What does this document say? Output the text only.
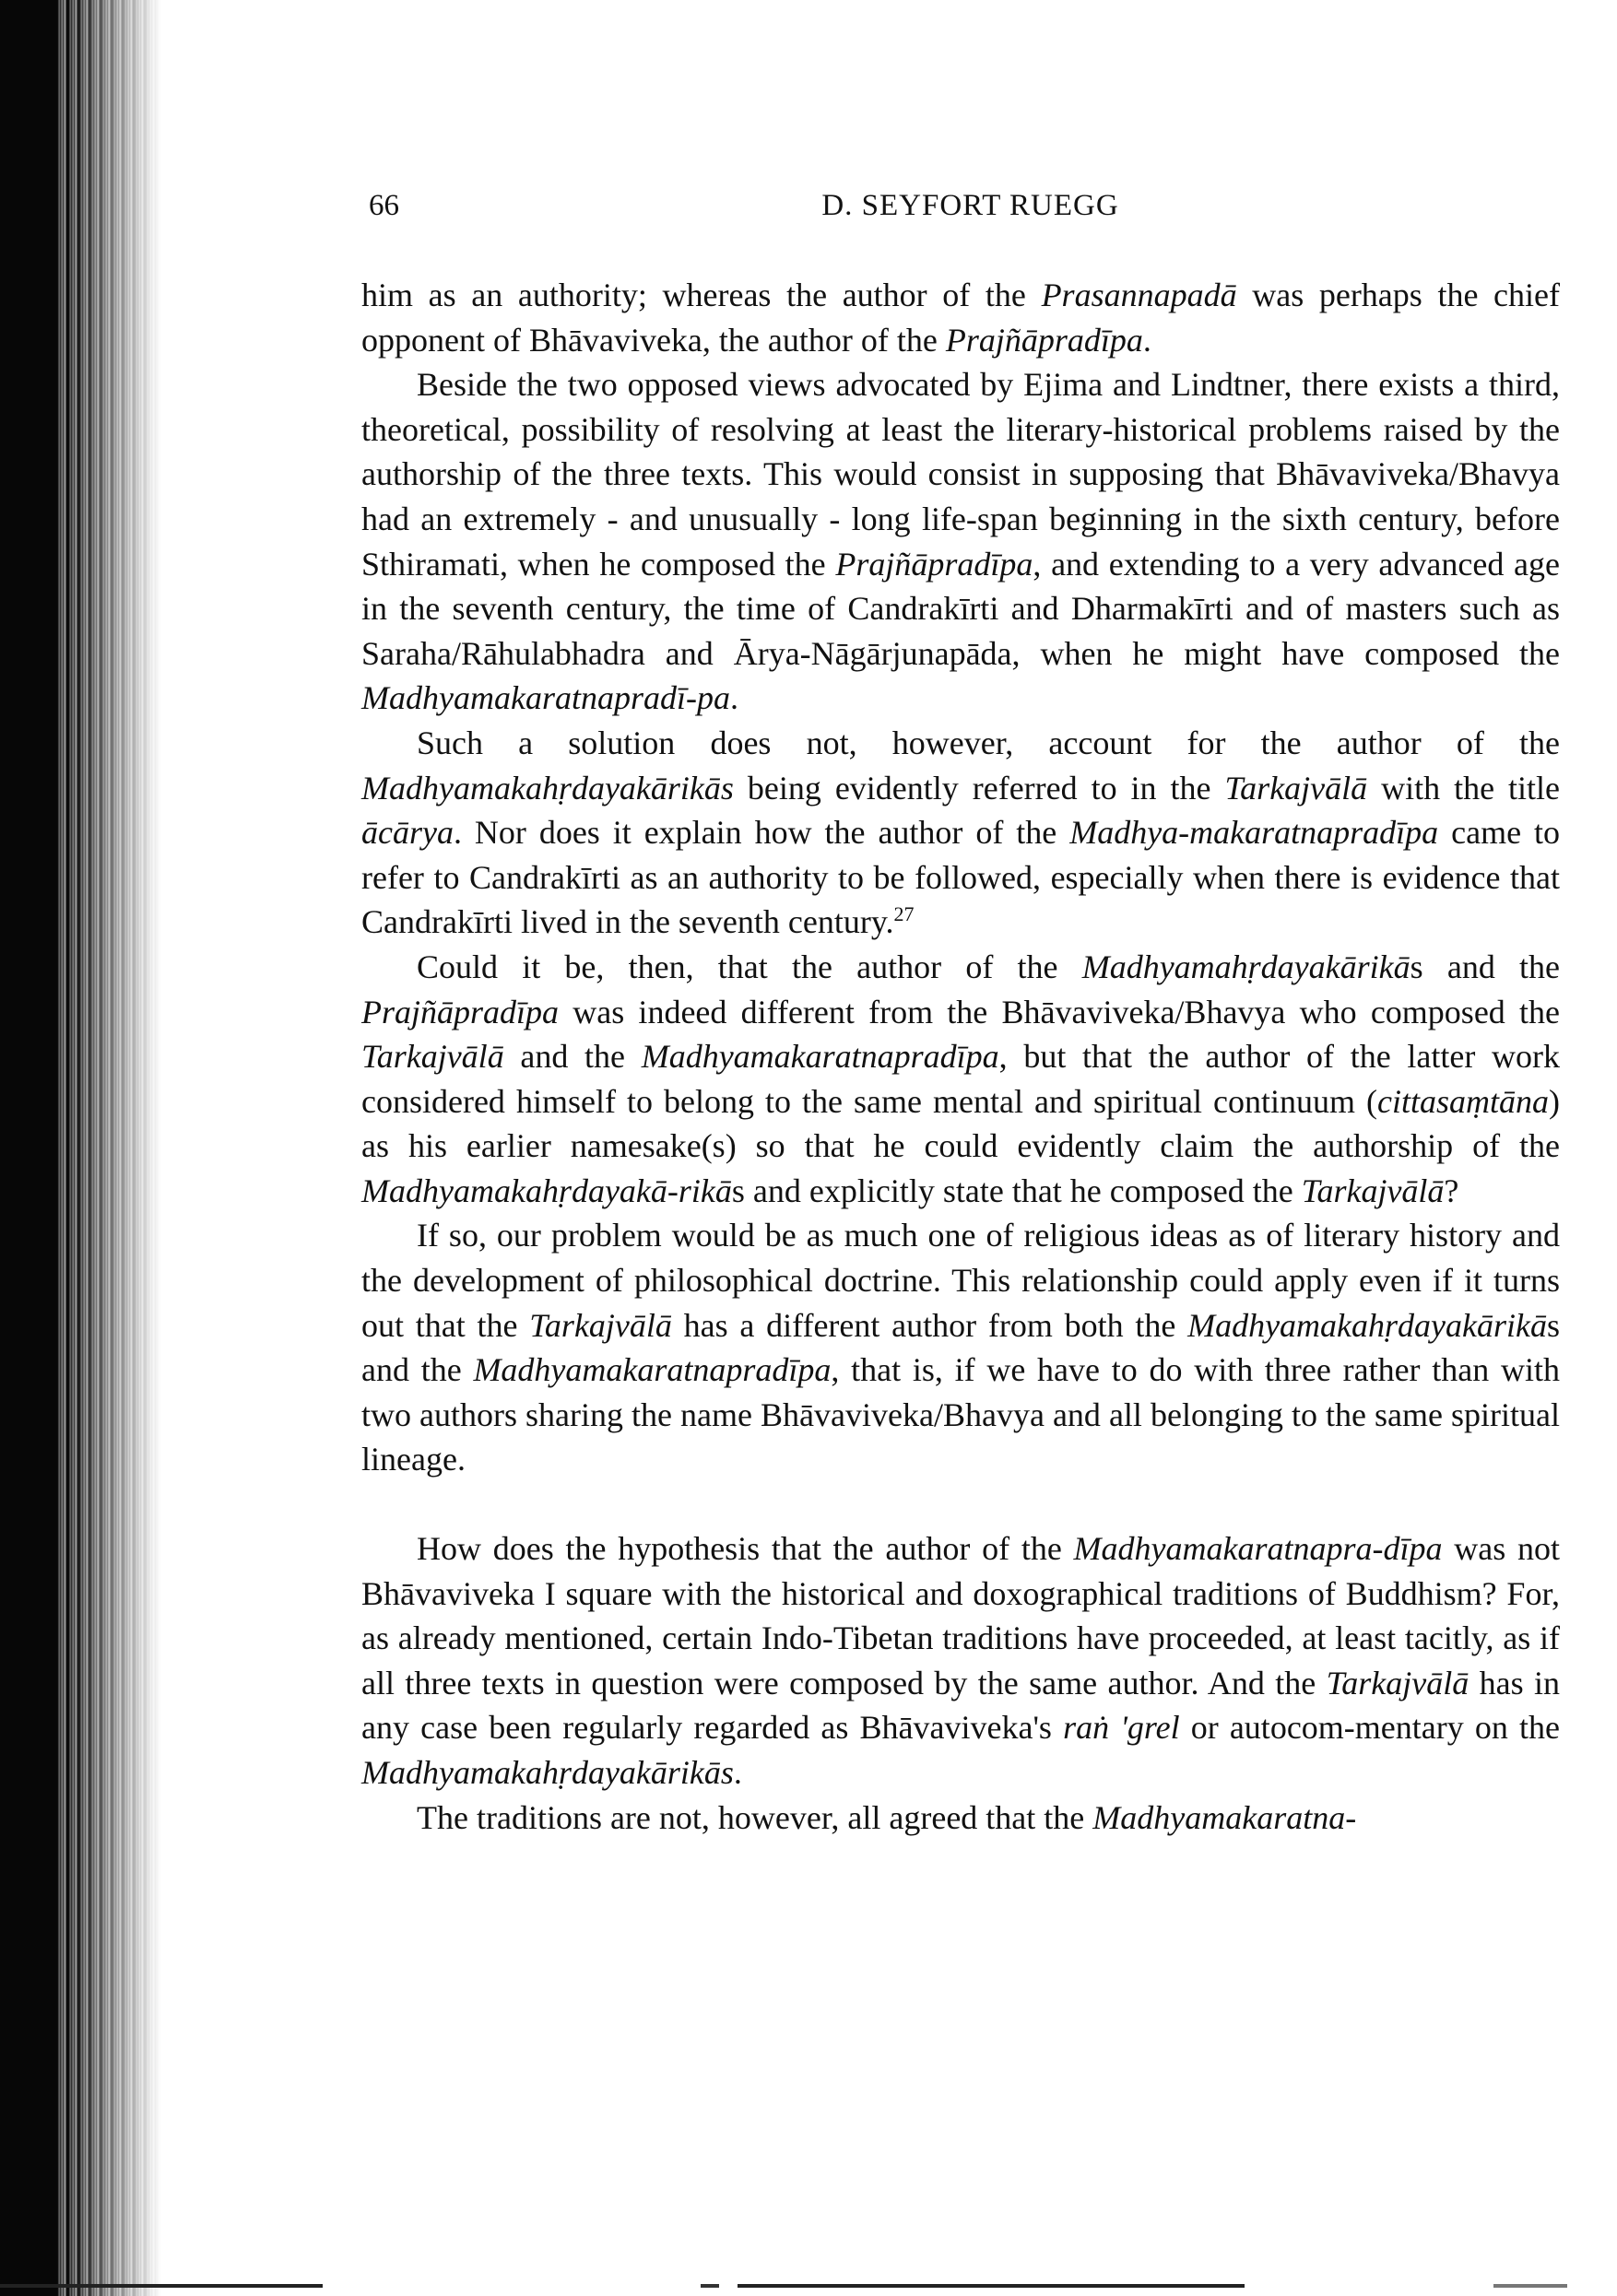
66	D. SEYFORT RUEGG

him as an authority; whereas the author of the Prasannapadā was perhaps the chief opponent of Bhāvaviveka, the author of the Prajñāpradīpa.

Beside the two opposed views advocated by Ejima and Lindtner, there exists a third, theoretical, possibility of resolving at least the literary-historical problems raised by the authorship of the three texts. This would consist in supposing that Bhāvaviveka/Bhavya had an extremely - and unusually - long life-span beginning in the sixth century, before Sthiramati, when he composed the Prajñāpradīpa, and extending to a very advanced age in the seventh century, the time of Candrakīrti and Dharmakīrti and of masters such as Saraha/Rāhulabhadra and Ārya-Nāgārjunapāda, when he might have composed the Madhyamakaratnapradī-pa.

Such a solution does not, however, account for the author of the Madhyamakahṛdayakārikās being evidently referred to in the Tarkajvālā with the title ācārya. Nor does it explain how the author of the Madhya-makaratnapradīpa came to refer to Candrakīrti as an authority to be followed, especially when there is evidence that Candrakīrti lived in the seventh century.$^{27}$

Could it be, then, that the author of the Madhyamahṛdayakārikās and the Prajñāpradīpa was indeed different from the Bhāvaviveka/Bhavya who composed the Tarkajvālā and the Madhyamakaratnapradīpa, but that the author of the latter work considered himself to belong to the same mental and spiritual continuum (cittasaṃtāna) as his earlier namesake(s) so that he could evidently claim the authorship of the Madhyamakahṛdayakā-rikās and explicitly state that he composed the Tarkajvālā?

If so, our problem would be as much one of religious ideas as of literary history and the development of philosophical doctrine. This relationship could apply even if it turns out that the Tarkajvālā has a different author from both the Madhyamakahṛdayakārikās and the Madhyamakaratnapradīpa, that is, if we have to do with three rather than with two authors sharing the name Bhāvaviveka/Bhavya and all belonging to the same spiritual lineage.

How does the hypothesis that the author of the Madhyamakaratnapra-dīpa was not Bhāvaviveka I square with the historical and doxographical traditions of Buddhism? For, as already mentioned, certain Indo-Tibetan traditions have proceeded, at least tacitly, as if all three texts in question were composed by the same author. And the Tarkajvālā has in any case been regularly regarded as Bhāvaviveka's raṅ 'grel or autocom-mentary on the Madhyamakahṛdayakārikās.

The traditions are not, however, all agreed that the Madhyamakaratna-
